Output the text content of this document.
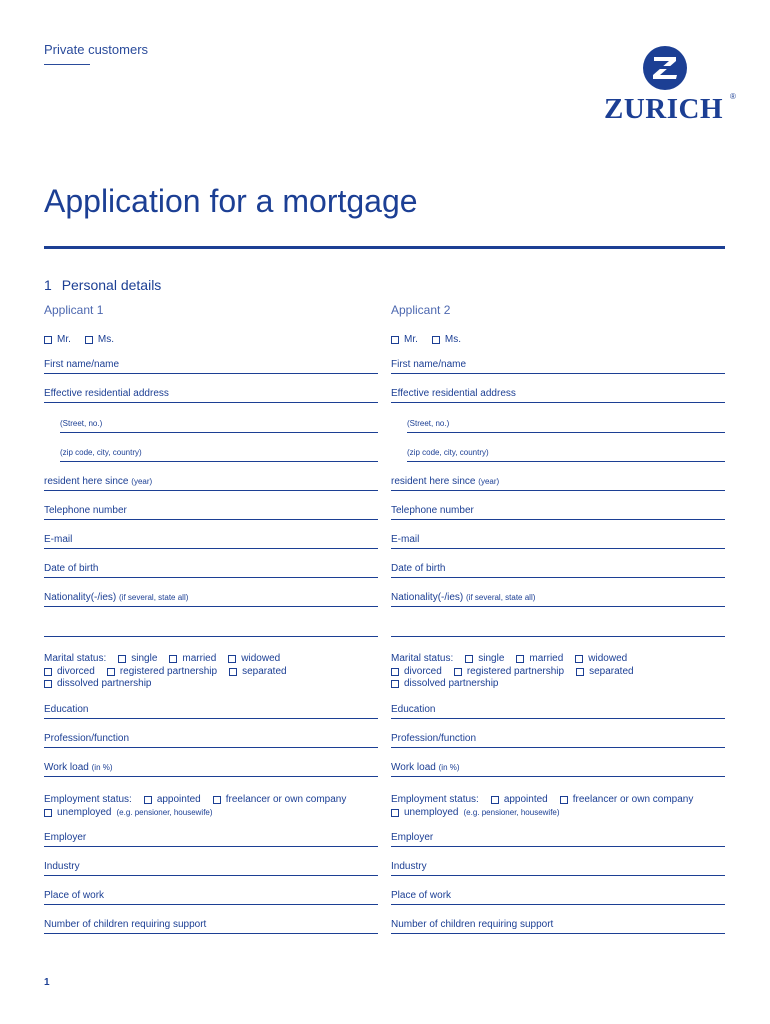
Private customers
ZURICH ®
Application for a mortgage
1 Personal details
Applicant 1
Mr.	Ms.
First name/name
Effective residential address
(Street, no.)
(zip code, city, country)
resident here since (year)
Telephone number
E-mail
Date of birth
Nationality(-/ies) (if several, state all)
Marital status:	single	married	widowed
divorced	registered partnership	separated
dissolved partnership
Education
Profession/function
Work load (in %)
Employment status:	appointed	freelancer or own company
unemployed (e.g. pensioner, housewife)
Employer
Industry
Place of work
Number of children requiring support
Applicant 2
Mr.	Ms.
First name/name
Effective residential address
(Street, no.)
(zip code, city, country)
resident here since (year)
Telephone number
E-mail
Date of birth
Nationality(-/ies) (if several, state all)
Marital status:	single	married	widowed
divorced	registered partnership	separated
dissolved partnership
Education
Profession/function
Work load (in %)
Employment status:	appointed	freelancer or own company
unemployed (e.g. pensioner, housewife)
Employer
Industry
Place of work
Number of children requiring support
1
